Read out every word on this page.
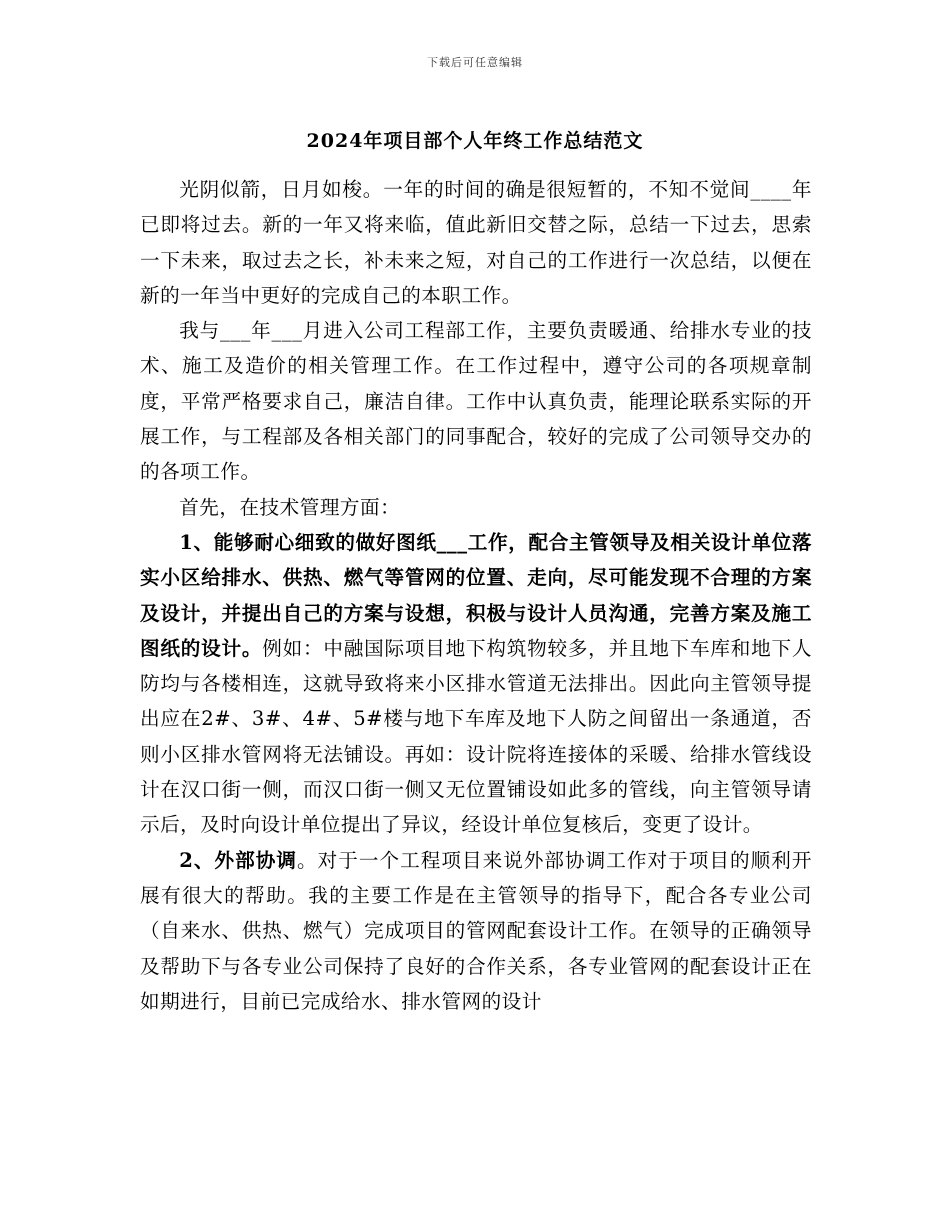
下载后可任意编辑
2024年项目部个人年终工作总结范文

光阴似箭，日月如梭。一年的时间的确是很短暂的，不知不觉间____年已即将过去。新的一年又将来临，值此新旧交替之际，总结一下过去，思索一下未来，取过去之长，补未来之短，对自己的工作进行一次总结，以便在新的一年当中更好的完成自己的本职工作。

我与___年___月进入公司工程部工作，主要负责暖通、给排水专业的技术、施工及造价的相关管理工作。在工作过程中，遵守公司的各项规章制度，平常严格要求自己，廉洁自律。工作中认真负责，能理论联系实际的开展工作，与工程部及各相关部门的同事配合，较好的完成了公司领导交办的的各项工作。

首先，在技术管理方面：

1、能够耐心细致的做好图纸___工作，配合主管领导及相关设计单位落实小区给排水、供热、燃气等管网的位置、走向，尽可能发现不合理的方案及设计，并提出自己的方案与设想，积极与设计人员沟通，完善方案及施工图纸的设计。例如：中融国际项目地下构筑物较多，并且地下车库和地下人防均与各楼相连，这就导致将来小区排水管道无法排出。因此向主管领导提出应在2#、3#、4#、5#楼与地下车库及地下人防之间留出一条通道，否则小区排水管网将无法铺设。再如：设计院将连接体的采暖、给排水管线设计在汉口街一侧，而汉口街一侧又无位置铺设如此多的管线，向主管领导请示后，及时向设计单位提出了异议，经设计单位复核后，变更了设计。

2、外部协调。对于一个工程项目来说外部协调工作对于项目的顺利开展有很大的帮助。我的主要工作是在主管领导的指导下，配合各专业公司（自来水、供热、燃气）完成项目的管网配套设计工作。在领导的正确领导及帮助下与各专业公司保持了良好的合作关系，各专业管网的配套设计正在如期进行，目前已完成给水、排水管网的设计
